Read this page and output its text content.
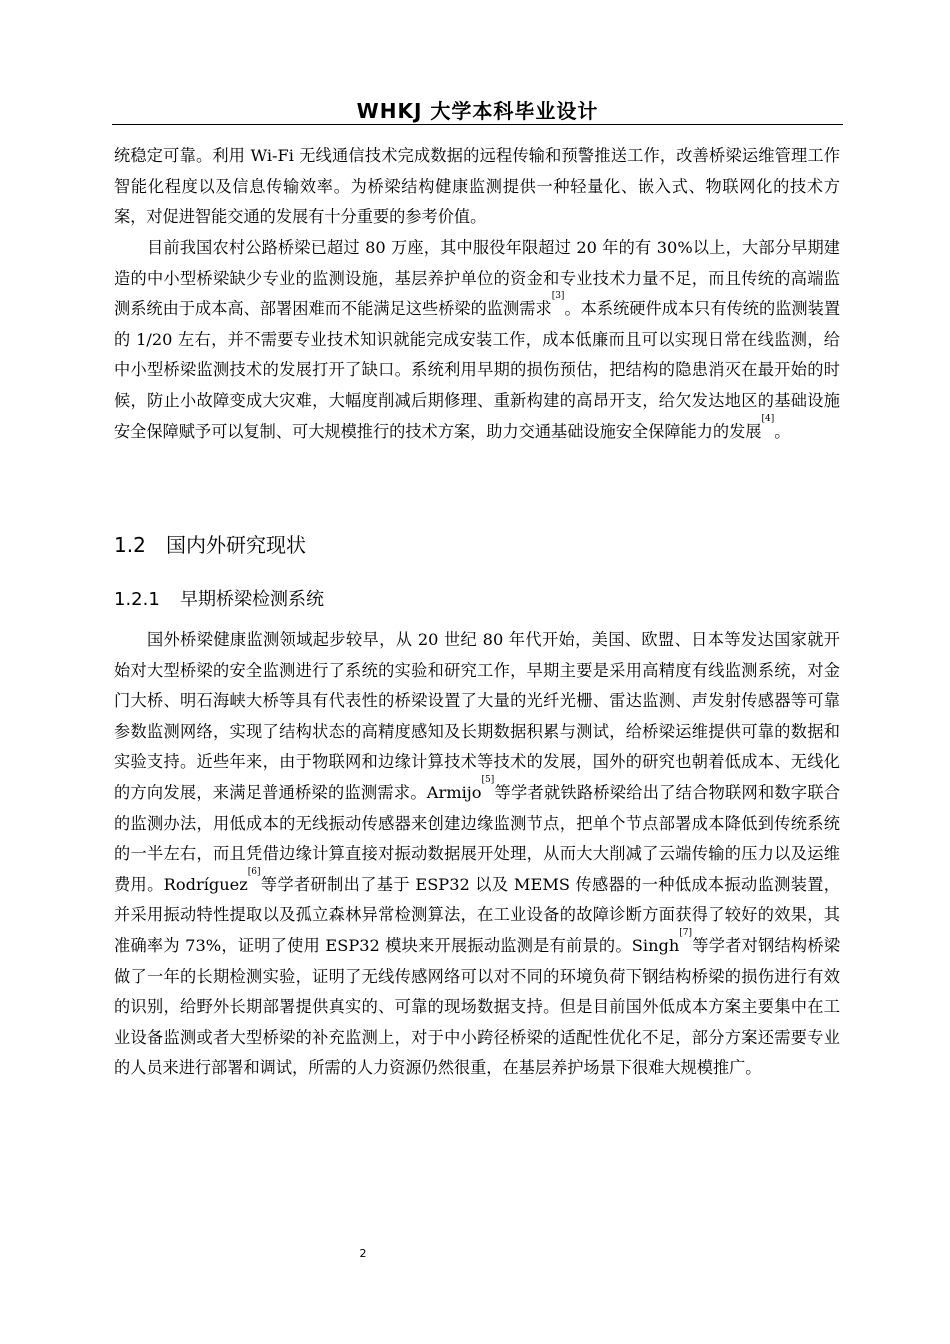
WHKJ 大学本科毕业设计

统稳定可靠。利用 Wi-Fi 无线通信技术完成数据的远程传输和预警推送工作，改善桥梁运维管理工作智能化程度以及信息传输效率。为桥梁结构健康监测提供一种轻量化、嵌入式、物联网化的技术方案，对促进智能交通的发展有十分重要的参考价值。

目前我国农村公路桥梁已超过 80 万座，其中服役年限超过 20 年的有 30%以上，大部分早期建造的中小型桥梁缺少专业的监测设施，基层养护单位的资金和专业技术力量不足，而且传统的高端监测系统由于成本高、部署困难而不能满足这些桥梁的监测需求[3]。本系统硬件成本只有传统的监测装置的 1/20 左右，并不需要专业技术知识就能完成安装工作，成本低廉而且可以实现日常在线监测，给中小型桥梁监测技术的发展打开了缺口。系统利用早期的损伤预估，把结构的隐患消灭在最开始的时候，防止小故障变成大灾难，大幅度削减后期修理、重新构建的高昂开支，给欠发达地区的基础设施安全保障赋予可以复制、可大规模推行的技术方案，助力交通基础设施安全保障能力的发展[4]。

1.2 国内外研究现状
1.2.1 早期桥梁检测系统

国外桥梁健康监测领域起步较早，从 20 世纪 80 年代开始，美国、欧盟、日本等发达国家就开始对大型桥梁的安全监测进行了系统的实验和研究工作，早期主要是采用高精度有线监测系统，对金门大桥、明石海峡大桥等具有代表性的桥梁设置了大量的光纤光栅、雷达监测、声发射传感器等可靠参数监测网络，实现了结构状态的高精度感知及长期数据积累与测试，给桥梁运维提供可靠的数据和实验支持。近些年来，由于物联网和边缘计算技术等技术的发展，国外的研究也朝着低成本、无线化的方向发展，来满足普通桥梁的监测需求。Armijo[5]等学者就铁路桥梁给出了结合物联网和数字联合的监测办法，用低成本的无线振动传感器来创建边缘监测节点，把单个节点部署成本降低到传统系统的一半左右，而且凭借边缘计算直接对振动数据展开处理，从而大大削减了云端传输的压力以及运维费用。Rodríguez[6]等学者研制出了基于 ESP32 以及 MEMS 传感器的一种低成本振动监测装置，并采用振动特性提取以及孤立森林异常检测算法，在工业设备的故障诊断方面获得了较好的效果，其准确率为 73%，证明了使用 ESP32 模块来开展振动监测是有前景的。Singh[7]等学者对钢结构桥梁做了一年的长期检测实验，证明了无线传感网络可以对不同的环境负荷下钢结构桥梁的损伤进行有效的识别，给野外长期部署提供真实的、可靠的现场数据支持。但是目前国外低成本方案主要集中在工业设备监测或者大型桥梁的补充监测上，对于中小跨径桥梁的适配性优化不足，部分方案还需要专业的人员来进行部署和调试，所需的人力资源仍然很重，在基层养护场景下很难大规模推广。

2
